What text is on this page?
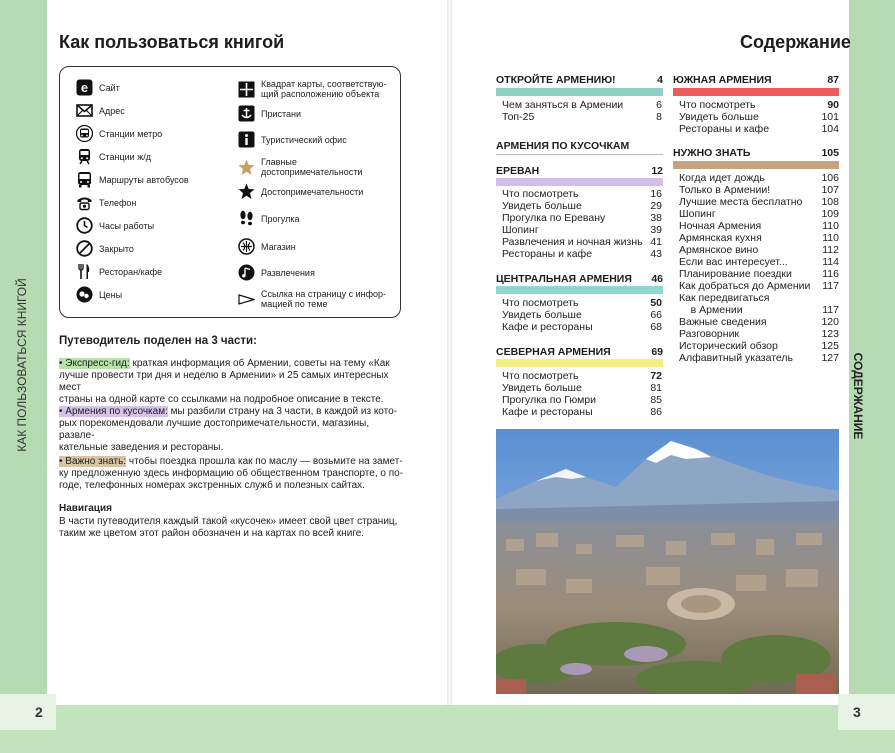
2	3
КАК ПОЛЬЗОВАТЬСЯ КНИГОЙ	СОДЕРЖАНИЕ
Как пользоваться книгой
e Сайт
Адрес
Станции метро
Станции ж/д
Маршруты автобусов
Телефон
Часы работы
Закрыто
Ресторан/кафе
Цены
Квадрат карты, соответствую-
щий расположению объекта
Пристани
Туристический офис
Главные достопримечательности
Достопримечательности
Прогулка
Магазин
Развлечения
Ссылка на страницу с инфор-
мацией по теме
Путеводитель поделен на 3 части:
• Экспресс-гид: краткая информация об Армении, советы на тему «Как
лучше провести три дня и неделю в Армении» и 25 самых интересных мест
страны на одной карте со ссылками на подробное описание в тексте.
• Армения по кусочкам: мы разбили страну на 3 части, в каждой из кото-
рых порекомендовали лучшие достопримечательности, магазины, развле-
кательные заведения и рестораны.
• Важно знать: чтобы поездка прошла как по маслу — возьмите на замет-
ку предложенную здесь информацию об общественном транспорте, о по-
годе, телефонных номерах экстренных служб и полезных сайтах.
Навигация
В части путеводителя каждый такой «кусочек» имеет свой цвет страниц,
таким же цветом этот район обозначен и на картах по всей книге.
Содержание
ОТКРОЙТЕ АРМЕНИЮ!	4
Чем заняться в Армении	6
Топ-25	8
АРМЕНИЯ ПО КУСОЧКАМ
ЕРЕВАН	12
Что посмотреть	16
Увидеть больше	29
Прогулка по Еревану	38
Шопинг	39
Развлечения и ночная жизнь 41
Рестораны и кафе	43
ЦЕНТРАЛЬНАЯ АРМЕНИЯ 46
Что посмотреть	50
Увидеть больше	66
Кафе и рестораны	68
СЕВЕРНАЯ АРМЕНИЯ	69
Что посмотреть	72
Увидеть больше	81
Прогулка по Гюмри	85
Кафе и рестораны	86
ЮЖНАЯ АРМЕНИЯ	87
Что посмотреть	90
Увидеть больше	101
Рестораны и кафе	104
НУЖНО ЗНАТЬ	105
Когда идет дождь	106
Только в Армении!	107
Лучшие места бесплатно 108
Шопинг	109
Ночная Армения	110
Армянская кухня	110
Армянское вино	112
Если вас интересует...	114
Планирование поездки	116
Как добраться до Армении 117
Как передвигаться
в Армении	117
Важные сведения	120
Разговорник	123
Исторический обзор	125
Алфавитный указатель	127
